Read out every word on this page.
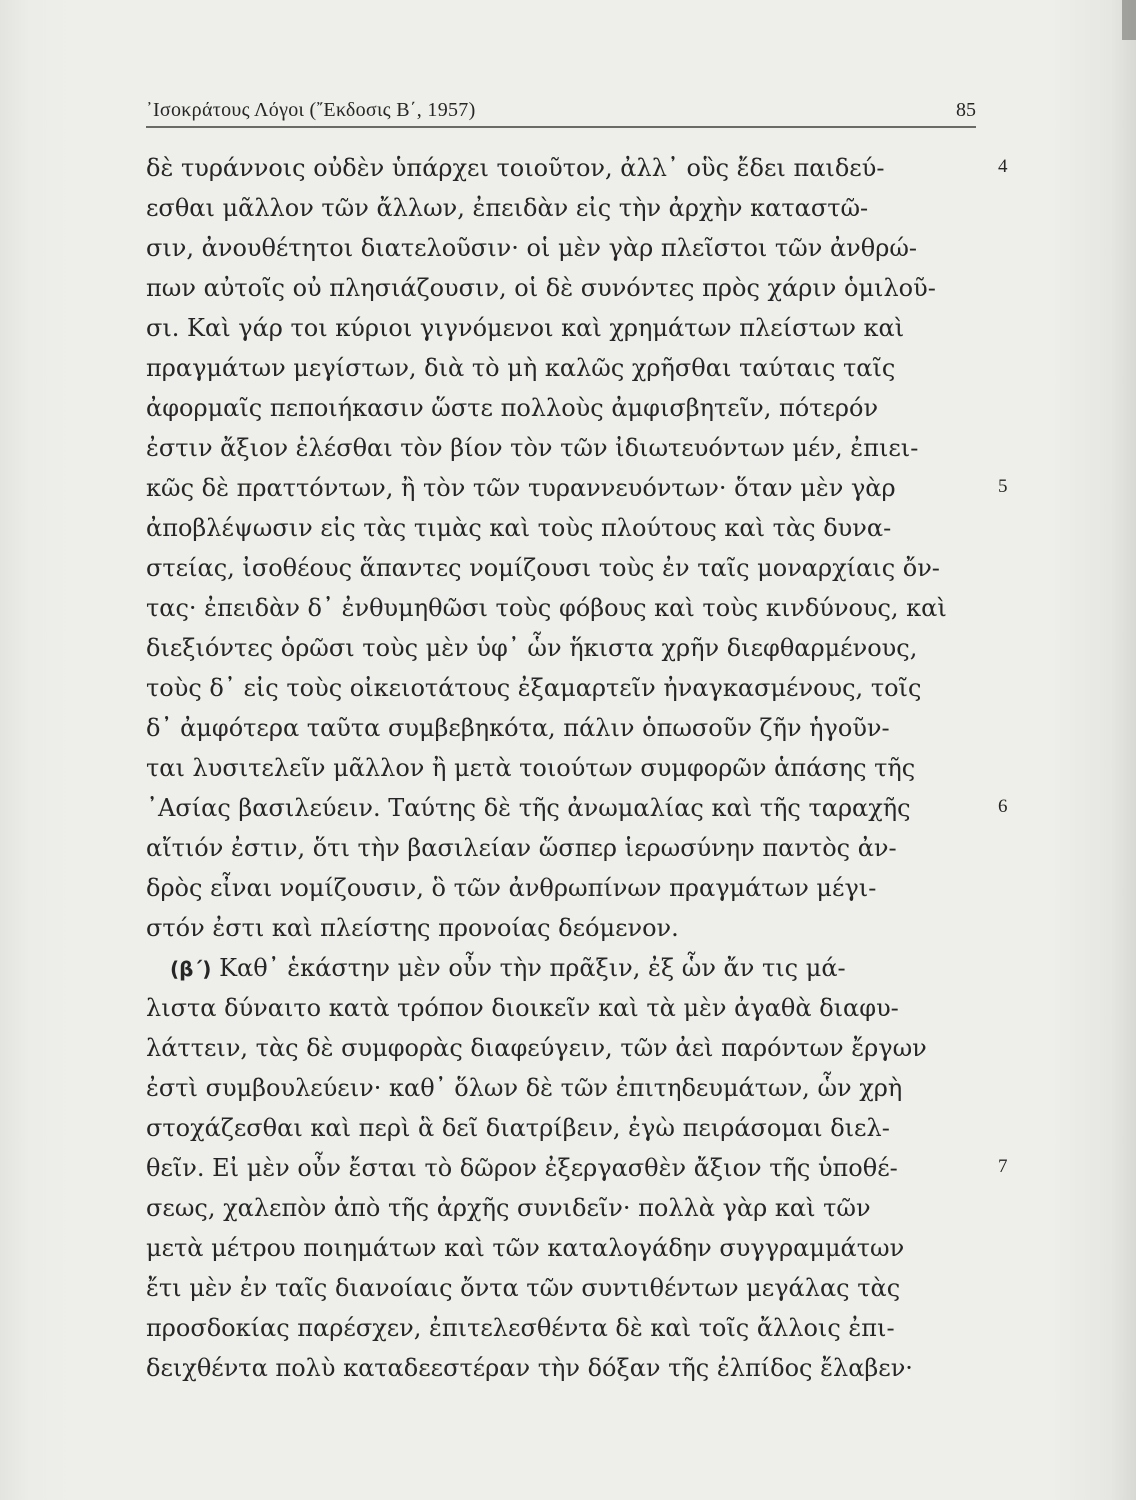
᾽Ισοκράτους Λόγοι (῎Εκδοσις Β΄, 1957)	85
δὲ τυράννοις οὐδὲν ὑπάρχει τοιοῦτον, ἀλλ᾽ οὓς ἔδει παιδεύ-	4
εσθαι μᾶλλον τῶν ἄλλων, ἐπειδὰν εἰς τὴν ἀρχὴν καταστῶ-
σιν, ἀνουθέτητοι διατελοῦσιν· οἱ μὲν γὰρ πλεῖστοι τῶν ἀνθρώ-
πων αὐτοῖς οὐ πλησιάζουσιν, οἱ δὲ συνόντες πρὸς χάριν ὁμιλοῦ-
σι. Καὶ γάρ τοι κύριοι γιγνόμενοι καὶ χρημάτων πλείστων καὶ
πραγμάτων μεγίστων, διὰ τὸ μὴ καλῶς χρῆσθαι ταύταις ταῖς
ἀφορμαῖς πεποιήκασιν ὥστε πολλοὺς ἀμφισβητεῖν, πότερόν
ἐστιν ἄξιον ἑλέσθαι τὸν βίον τὸν τῶν ἰδιωτευόντων μέν, ἐπιει-
κῶς δὲ πραττόντων, ἢ τὸν τῶν τυραννευόντων· ὅταν μὲν γὰρ	5
ἀποβλέψωσιν εἰς τὰς τιμὰς καὶ τοὺς πλούτους καὶ τὰς δυνα-
στείας, ἰσοθέους ἅπαντες νομίζουσι τοὺς ἐν ταῖς μοναρχίαις ὄν-
τας· ἐπειδὰν δ᾽ ἐνθυμηθῶσι τοὺς φόβους καὶ τοὺς κινδύνους, καὶ
διεξιόντες ὁρῶσι τοὺς μὲν ὑφ᾽ ὧν ἥκιστα χρῆν διεφθαρμένους,
τοὺς δ᾽ εἰς τοὺς οἰκειοτάτους ἐξαμαρτεῖν ἠναγκασμένους, τοῖς
δ᾽ ἀμφότερα ταῦτα συμβεβηκότα, πάλιν ὁπωσοῦν ζῆν ἡγοῦν-
ται λυσιτελεῖν μᾶλλον ἢ μετὰ τοιούτων συμφορῶν ἁπάσης τῆς
᾽Ασίας βασιλεύειν. Ταύτης δὲ τῆς ἀνωμαλίας καὶ τῆς ταραχῆς	6
αἴτιόν ἐστιν, ὅτι τὴν βασιλείαν ὥσπερ ἱερωσύνην παντὸς ἀν-
δρὸς εἶναι νομίζουσιν, ὃ τῶν ἀνθρωπίνων πραγμάτων μέγι-
στόν ἐστι καὶ πλείστης προνοίας δεόμενον.
(β΄) Καθ᾽ ἑκάστην μὲν οὖν τὴν πρᾶξιν, ἐξ ὧν ἄν τις μά-
λιστα δύναιτο κατὰ τρόπον διοικεῖν καὶ τὰ μὲν ἀγαθὰ διαφυ-
λάττειν, τὰς δὲ συμφορὰς διαφεύγειν, τῶν ἀεὶ παρόντων ἔργων
ἐστὶ συμβουλεύειν· καθ᾽ ὅλων δὲ τῶν ἐπιτηδευμάτων, ὧν χρὴ
στοχάζεσθαι καὶ περὶ ἃ δεῖ διατρίβειν, ἐγὼ πειράσομαι διελ-
θεῖν. Εἰ μὲν οὖν ἔσται τὸ δῶρον ἐξεργασθὲν ἄξιον τῆς ὑποθέ-	7
σεως, χαλεπὸν ἀπὸ τῆς ἀρχῆς συνιδεῖν· πολλὰ γὰρ καὶ τῶν
μετὰ μέτρου ποιημάτων καὶ τῶν καταλογάδην συγγραμμάτων
ἔτι μὲν ἐν ταῖς διανοίαις ὄντα τῶν συντιθέντων μεγάλας τὰς
προσδοκίας παρέσχεν, ἐπιτελεσθέντα δὲ καὶ τοῖς ἄλλοις ἐπι-
δειχθέντα πολὺ καταδεεστέραν τὴν δόξαν τῆς ἐλπίδος ἔλαβεν·
